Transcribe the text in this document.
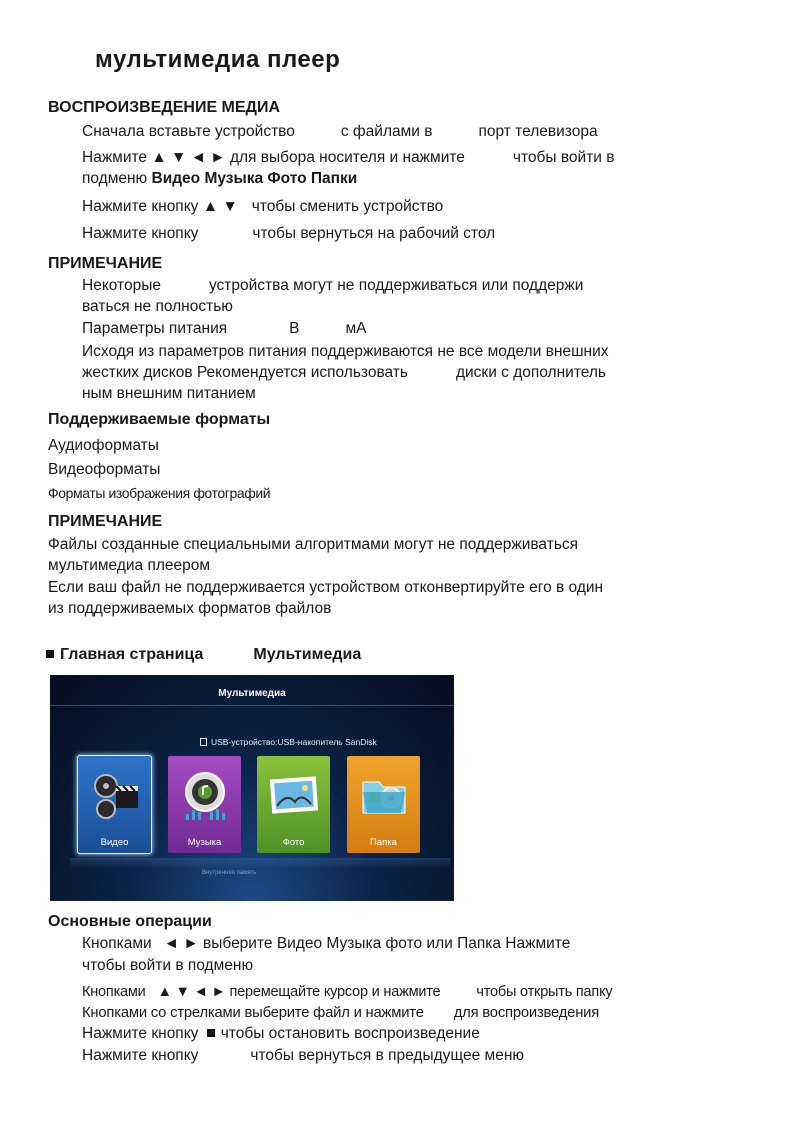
мультимедиа плеер
ВОСПРОИЗВЕДЕНИЕ МЕДИА
Сначала вставьте устройство	с файлами в	порт телевизора
Нажмите ▲ ▼ ◄ ► для выбора носителя и нажмите	чтобы войти в
подменю Видео Музыка Фото Папки
Нажмите кнопку ▲ ▼ чтобы сменить устройство
Нажмите кнопку	чтобы вернуться на рабочий стол
ПРИМЕЧАНИЕ
Некоторые	устройства могут не поддерживаться или поддержи
ваться не полностью
Параметры питания	В	мА
Исходя из параметров питания поддерживаются не все модели внешних
жестких дисков Рекомендуется использовать	диски с дополнитель
ным внешним питанием
Поддерживаемые форматы
Аудиоформаты
Видеоформаты
Форматы изображения фотографий
ПРИМЕЧАНИЕ
Файлы созданные специальными алгоритмами могут не поддерживаться
мультимедиа плеером
Если ваш файл не поддерживается устройством отконвертируйте его в один
из поддерживаемых форматов файлов
Главная страница	Мультимедиа
Мультимедиа
USB-устройство:USB-накопитель SanDisk
Видео	Музыка	Фото	Папка
Внутренняя память
Основные операции
Кнопками ◄ ► выберите Видео Музыка фото или Папка Нажмите
чтобы войти в подменю
Кнопками ▲ ▼ ◄ ► перемещайте курсор и нажмите чтобы открыть папку
Кнопками со стрелками выберите файл и нажмите для воспроизведения
Нажмите кнопку чтобы остановить воспроизведение
Нажмите кнопку	чтобы вернуться в предыдущее меню
